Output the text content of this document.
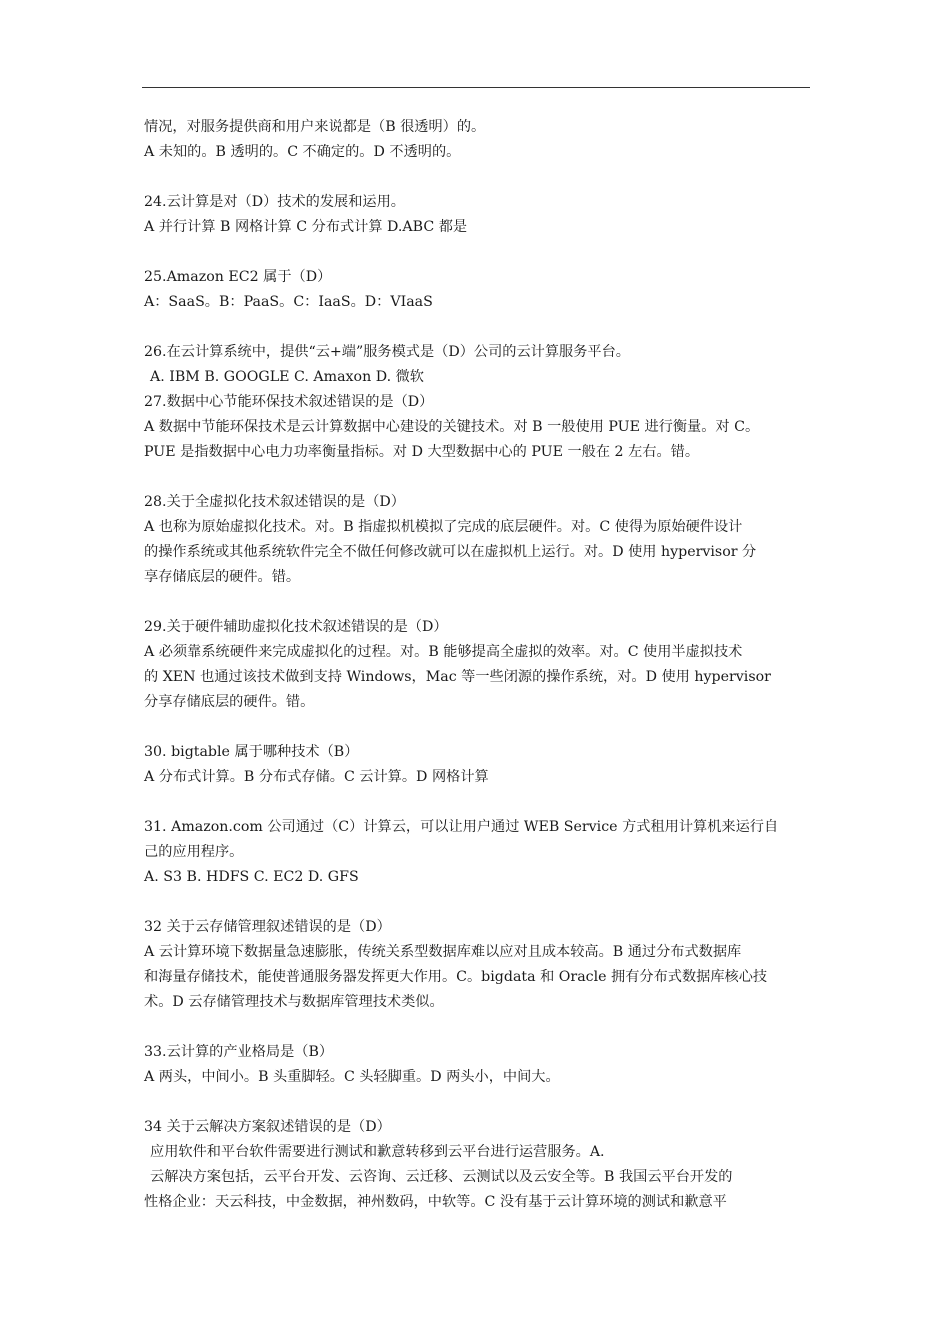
情况，对服务提供商和用户来说都是（B 很透明）的。

A 未知的。B 透明的。C 不确定的。D 不透明的。

24.云计算是对（D）技术的发展和运用。

A 并行计算 B 网格计算 C 分布式计算 D.ABC 都是

25.Amazon EC2 属于（D）

A：SaaS。B：PaaS。C：IaaS。D：VIaaS

26.在云计算系统中，提供“云+端”服务模式是（D）公司的云计算服务平台。

A. IBM B. GOOGLE C. Amaxon D. 微软

27.数据中心节能环保技术叙述错误的是（D）

A 数据中节能环保技术是云计算数据中心建设的关键技术。对 B 一般使用 PUE 进行衡量。对 C。

PUE 是指数据中心电力功率衡量指标。对 D 大型数据中心的 PUE 一般在 2 左右。错。

28.关于全虚拟化技术叙述错误的是（D）

A 也称为原始虚拟化技术。对。B 指虚拟机模拟了完成的底层硬件。对。C 使得为原始硬件设计

的操作系统或其他系统软件完全不做任何修改就可以在虚拟机上运行。对。D 使用 hypervisor 分

享存储底层的硬件。错。

29.关于硬件辅助虚拟化技术叙述错误的是（D）

A 必须靠系统硬件来完成虚拟化的过程。对。B 能够提高全虚拟的效率。对。C 使用半虚拟技术

的 XEN 也通过该技术做到支持 Windows，Mac 等一些闭源的操作系统，对。D 使用 hypervisor

分享存储底层的硬件。错。

30. bigtable 属于哪种技术（B）

A 分布式计算。B 分布式存储。C 云计算。D 网格计算

31. Amazon.com 公司通过（C）计算云，可以让用户通过 WEB Service 方式租用计算机来运行自

己的应用程序。

A. S3 B. HDFS C. EC2 D. GFS

32 关于云存储管理叙述错误的是（D）

A 云计算环境下数据量急速膨胀，传统关系型数据库难以应对且成本较高。B 通过分布式数据库

和海量存储技术，能使普通服务器发挥更大作用。C。bigdata 和 Oracle 拥有分布式数据库核心技

术。D 云存储管理技术与数据库管理技术类似。

33.云计算的产业格局是（B）

A 两头，中间小。B 头重脚轻。C 头轻脚重。D 两头小，中间大。

34 关于云解决方案叙述错误的是（D）

应用软件和平台软件需要进行测试和歉意转移到云平台进行运营服务。A.

云解决方案包括，云平台开发、云咨询、云迁移、云测试以及云安全等。B 我国云平台开发的

性格企业：天云科技，中金数据，神州数码，中软等。C 没有基于云计算环境的测试和歉意平
